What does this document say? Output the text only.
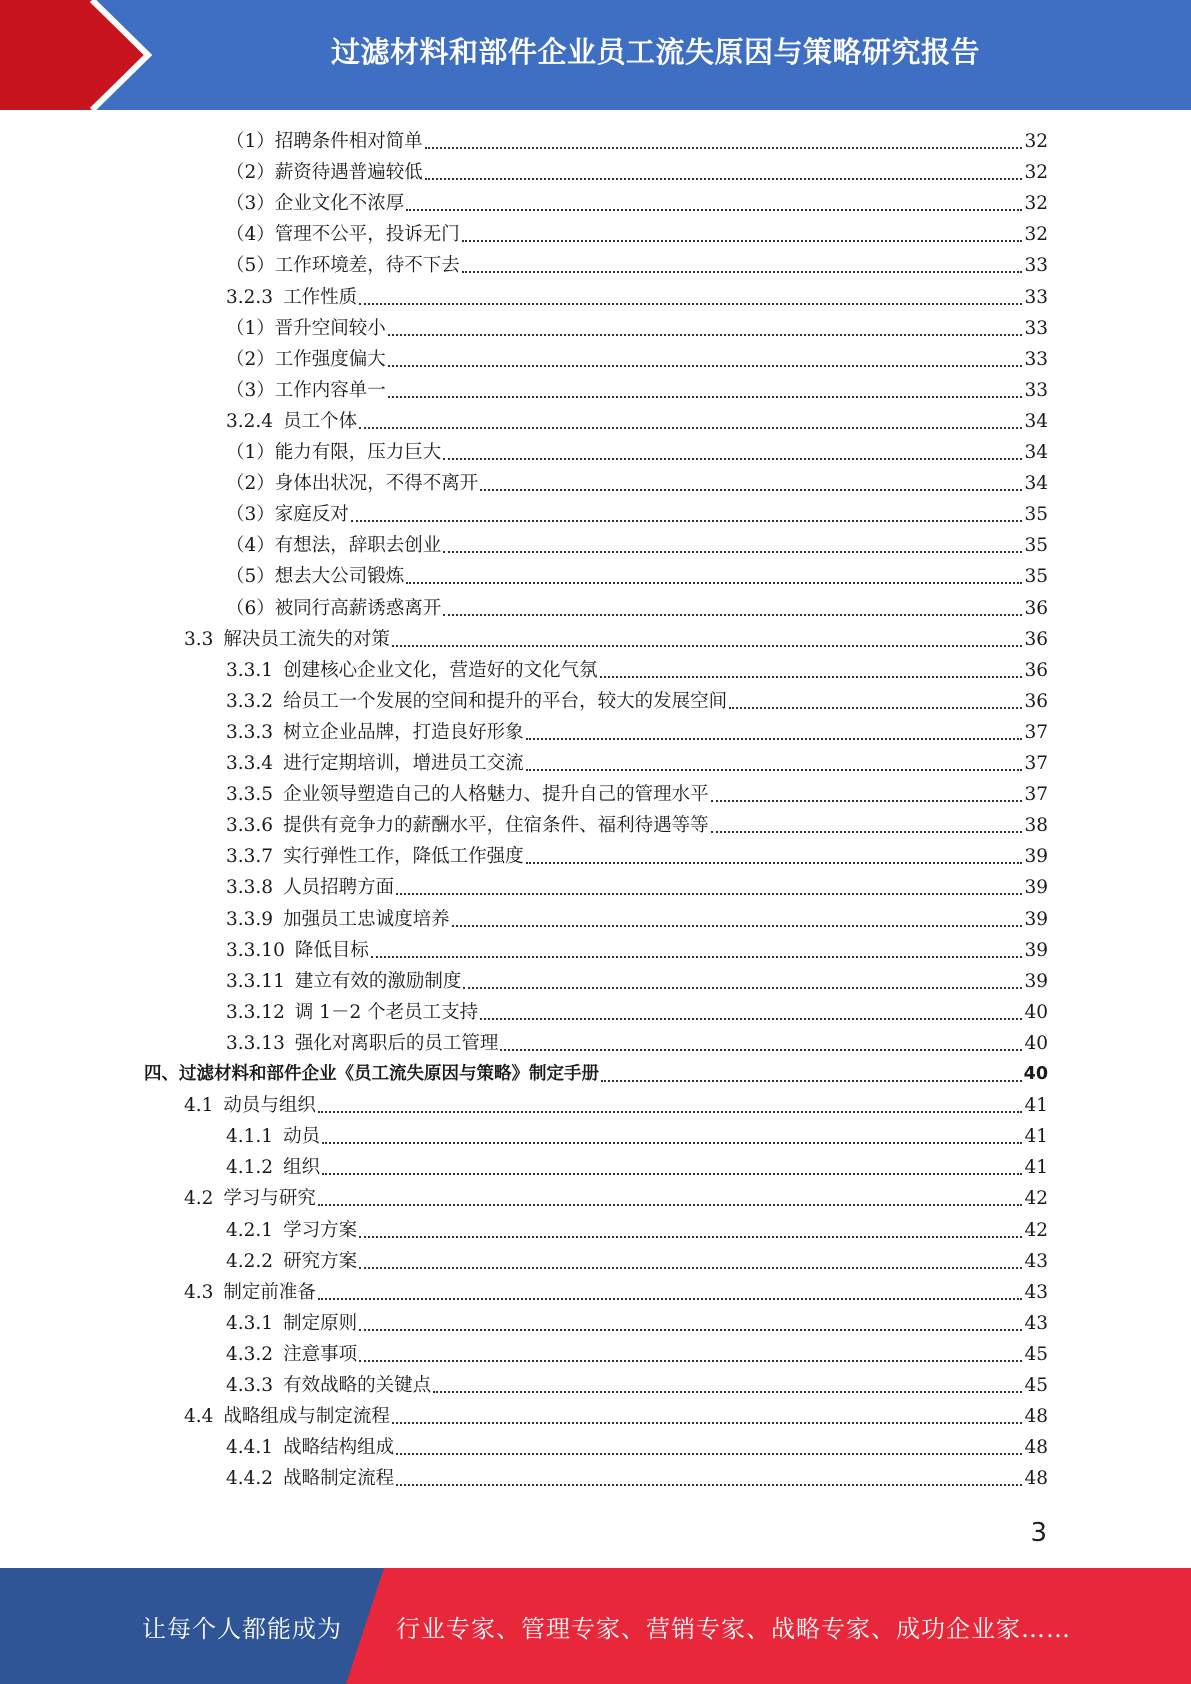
过滤材料和部件企业员工流失原因与策略研究报告
（1） 招聘条件相对简单	32
（2） 薪资待遇普遍较低	32
（3） 企业文化不浓厚	32
（4） 管理不公平，投诉无门	32
（5） 工作环境差，待不下去	33
3.2.3 工作性质	33
（1） 晋升空间较小	33
（2） 工作强度偏大	33
（3） 工作内容单一	33
3.2.4 员工个体	34
（1） 能力有限，压力巨大	34
（2） 身体出状况，不得不离开	34
（3） 家庭反对	35
（4） 有想法，辞职去创业	35
（5） 想去大公司锻炼	35
（6） 被同行高薪诱惑离开	36
3.3 解决员工流失的对策	36
3.3.1 创建核心企业文化，营造好的文化气氛	36
3.3.2 给员工一个发展的空间和提升的平台，较大的发展空间	36
3.3.3 树立企业品牌，打造良好形象	37
3.3.4 进行定期培训，增进员工交流	37
3.3.5 企业领导塑造自己的人格魅力、提升自己的管理水平	37
3.3.6 提供有竞争力的薪酬水平，住宿条件、福利待遇等等	38
3.3.7 实行弹性工作，降低工作强度	39
3.3.8 人员招聘方面	39
3.3.9 加强员工忠诚度培养	39
3.3.10 降低目标	39
3.3.11 建立有效的激励制度	39
3.3.12 调 1－2 个老员工支持	40
3.3.13 强化对离职后的员工管理	40
四、过滤材料和部件企业《员工流失原因与策略》制定手册	40
4.1 动员与组织	41
4.1.1 动员	41
4.1.2 组织	41
4.2 学习与研究	42
4.2.1 学习方案	42
4.2.2 研究方案	43
4.3 制定前准备	43
4.3.1 制定原则	43
4.3.2 注意事项	45
4.3.3 有效战略的关键点	45
4.4 战略组成与制定流程	48
4.4.1 战略结构组成	48
4.4.2 战略制定流程	48
3
让每个人都能成为 行业专家、管理专家、营销专家、战略专家、成功企业家……
